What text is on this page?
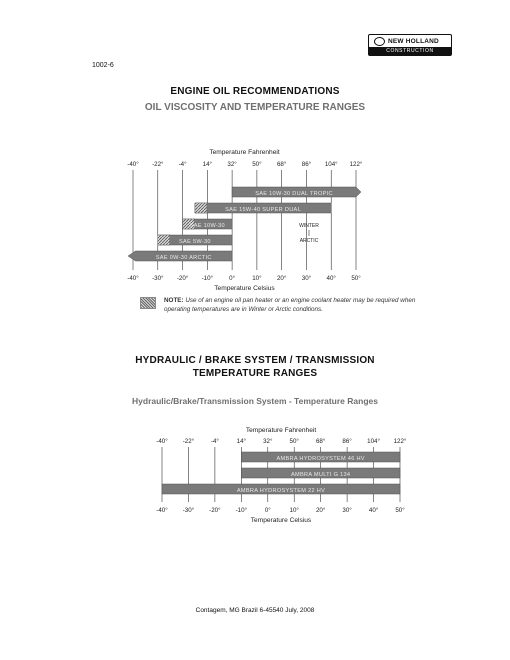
NEW HOLLAND
CONSTRUCTION
1002-6
ENGINE OIL RECOMMENDATIONS
OIL VISCOSITY AND TEMPERATURE RANGES
HYDRAULIC / BRAKE SYSTEM / TRANSMISSION
TEMPERATURE RANGES
Hydraulic/Brake/Transmission System - Temperature Ranges
Temperature Fahrenheit
-40°
-40°
-22°
-30°
-4°
-20°
14°
-10°
32°
0°
50°
10°
68°
20°
86°
30°
104°
40°
122°
50°
Temperature Celsius
SAE 10W-30 DUAL TROPIC
SAE 15W-40 SUPER DUAL
SAE 10W-30
SAE 5W-30
SAE 0W-30 ARCTIC
WINTER
ARCTIC
Temperature Fahrenheit
-40°
-40°
-22°
-30°
-4°
-20°
14°
-10°
32°
0°
50°
10°
68°
20°
86°
30°
104°
40°
122°
50°
Temperature Celsius
AMBRA HYDROSYSTEM 46 HV
AMBRA MULTI G 134
AMBRA HYDROSYSTEM 22 HV
NOTE: Use of an engine oil pan heater or an engine coolant heater may be required when operating temperatures are in Winter or Arctic conditions.
Contagem, MG Brazil 6-45540 July, 2008
